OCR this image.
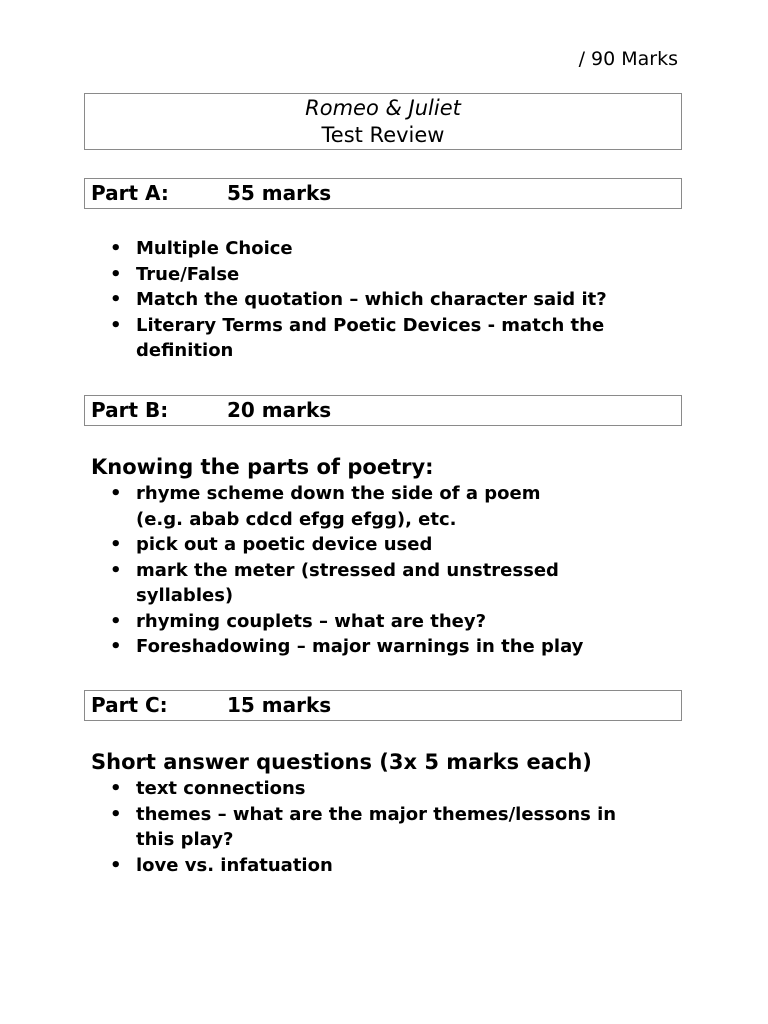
/ 90 Marks
Romeo & Juliet
Test Review
Part A:	55 marks
• Multiple Choice
• True/False
• Match the quotation – which character said it?
• Literary Terms and Poetic Devices - match the
definition
Part B:	20 marks
Knowing the parts of poetry:
• rhyme scheme down the side of a poem
(e.g. abab cdcd efgg efgg), etc.
• pick out a poetic device used
• mark the meter (stressed and unstressed
syllables)
• rhyming couplets – what are they?
• Foreshadowing – major warnings in the play
Part C:	15 marks
Short answer questions (3x 5 marks each)
• text connections
• themes – what are the major themes/lessons in
this play?
• love vs. infatuation
